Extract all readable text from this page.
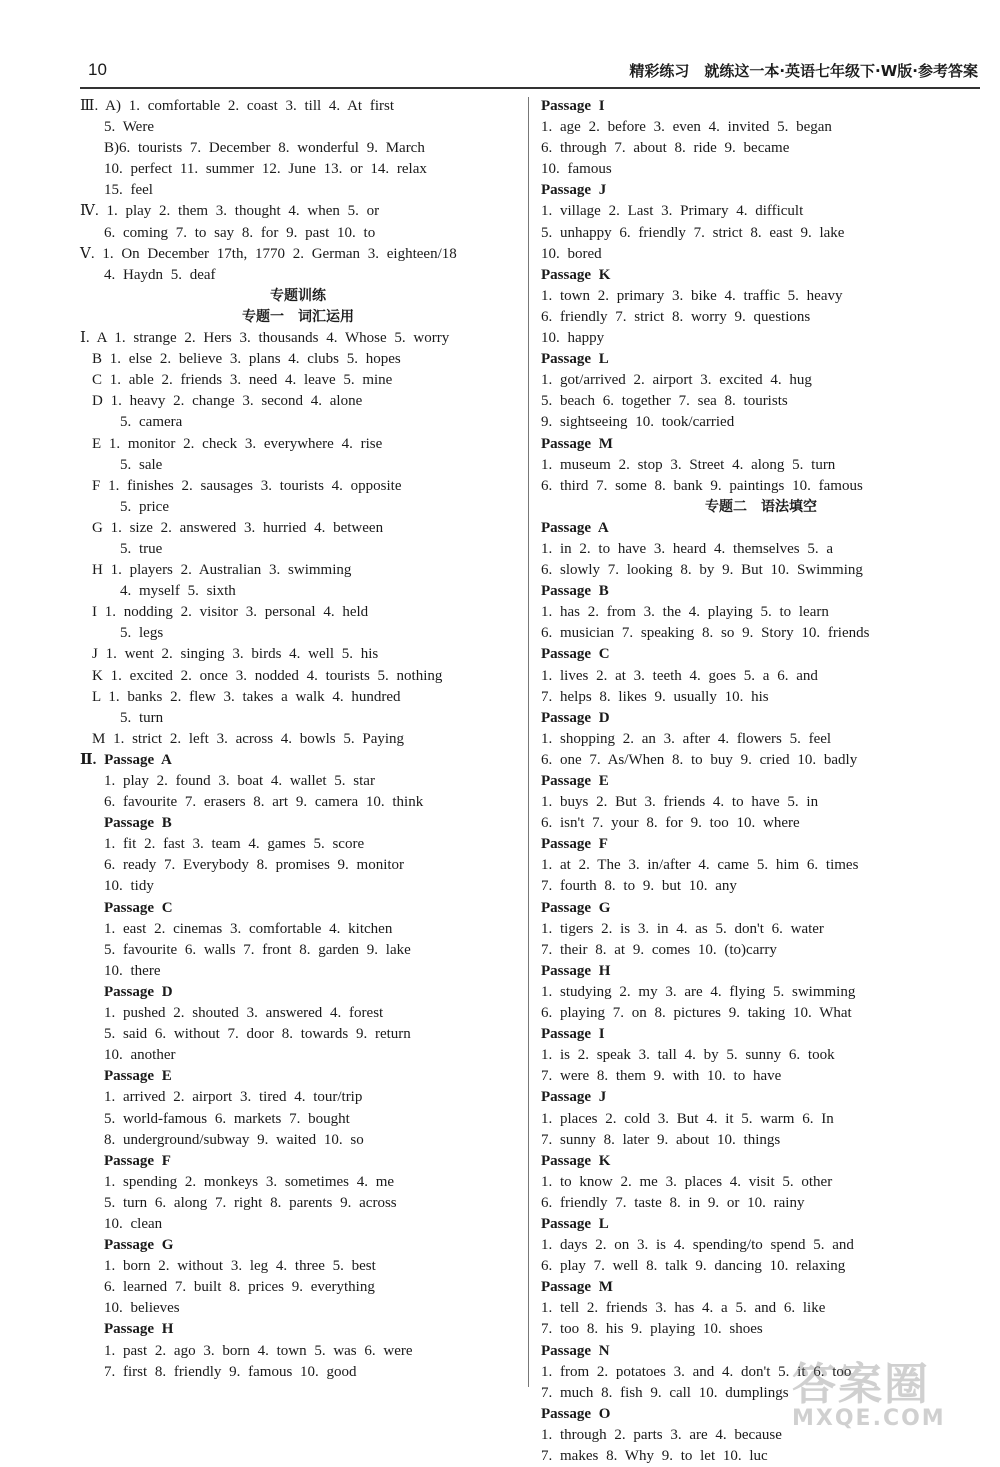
10	精彩练习　就练这一本·英语七年级下·W版·参考答案
Ⅲ. A) 1. comfortable 2. coast 3. till 4. At first
5. Were
B)6. tourists 7. December 8. wonderful 9. March
10. perfect 11. summer 12. June 13. or 14. relax
15. feel
Ⅳ. 1. play 2. them 3. thought 4. when 5. or
6. coming 7. to say 8. for 9. past 10. to
Ⅴ. 1. On December 17th, 1770 2. German 3. eighteen/18
4. Haydn 5. deaf
专题训练
专题一　词汇运用
Ⅰ. A 1. strange 2. Hers 3. thousands 4. Whose 5. worry
B 1. else 2. believe 3. plans 4. clubs 5. hopes
C 1. able 2. friends 3. need 4. leave 5. mine
D 1. heavy 2. change 3. second 4. alone
5. camera
E 1. monitor 2. check 3. everywhere 4. rise
5. sale
F 1. finishes 2. sausages 3. tourists 4. opposite
5. price
G 1. size 2. answered 3. hurried 4. between
5. true
H 1. players 2. Australian 3. swimming
4. myself 5. sixth
I 1. nodding 2. visitor 3. personal 4. held
5. legs
J 1. went 2. singing 3. birds 4. well 5. his
K 1. excited 2. once 3. nodded 4. tourists 5. nothing
L 1. banks 2. flew 3. takes a walk 4. hundred
5. turn
M 1. strict 2. left 3. across 4. bowls 5. Paying
Ⅱ. Passage A
1. play 2. found 3. boat 4. wallet 5. star
6. favourite 7. erasers 8. art 9. camera 10. think
Passage B
1. fit 2. fast 3. team 4. games 5. score
6. ready 7. Everybody 8. promises 9. monitor
10. tidy
Passage C
1. east 2. cinemas 3. comfortable 4. kitchen
5. favourite 6. walls 7. front 8. garden 9. lake
10. there
Passage D
1. pushed 2. shouted 3. answered 4. forest
5. said 6. without 7. door 8. towards 9. return
10. another
Passage E
1. arrived 2. airport 3. tired 4. tour/trip
5. world-famous 6. markets 7. bought
8. underground/subway 9. waited 10. so
Passage F
1. spending 2. monkeys 3. sometimes 4. me
5. turn 6. along 7. right 8. parents 9. across
10. clean
Passage G
1. born 2. without 3. leg 4. three 5. best
6. learned 7. built 8. prices 9. everything
10. believes
Passage H
1. past 2. ago 3. born 4. town 5. was 6. were
7. first 8. friendly 9. famous 10. good
Passage I
1. age 2. before 3. even 4. invited 5. began
6. through 7. about 8. ride 9. became
10. famous
Passage J
1. village 2. Last 3. Primary 4. difficult
5. unhappy 6. friendly 7. strict 8. east 9. lake
10. bored
Passage K
1. town 2. primary 3. bike 4. traffic 5. heavy
6. friendly 7. strict 8. worry 9. questions
10. happy
Passage L
1. got/arrived 2. airport 3. excited 4. hug
5. beach 6. together 7. sea 8. tourists
9. sightseeing 10. took/carried
Passage M
1. museum 2. stop 3. Street 4. along 5. turn
6. third 7. some 8. bank 9. paintings 10. famous
专题二　语法填空
Passage A
1. in 2. to have 3. heard 4. themselves 5. a
6. slowly 7. looking 8. by 9. But 10. Swimming
Passage B
1. has 2. from 3. the 4. playing 5. to learn
6. musician 7. speaking 8. so 9. Story 10. friends
Passage C
1. lives 2. at 3. teeth 4. goes 5. a 6. and
7. helps 8. likes 9. usually 10. his
Passage D
1. shopping 2. an 3. after 4. flowers 5. feel
6. one 7. As/When 8. to buy 9. cried 10. badly
Passage E
1. buys 2. But 3. friends 4. to have 5. in
6. isn't 7. your 8. for 9. too 10. where
Passage F
1. at 2. The 3. in/after 4. came 5. him 6. times
7. fourth 8. to 9. but 10. any
Passage G
1. tigers 2. is 3. in 4. as 5. don't 6. water
7. their 8. at 9. comes 10. (to)carry
Passage H
1. studying 2. my 3. are 4. flying 5. swimming
6. playing 7. on 8. pictures 9. taking 10. What
Passage I
1. is 2. speak 3. tall 4. by 5. sunny 6. took
7. were 8. them 9. with 10. to have
Passage J
1. places 2. cold 3. But 4. it 5. warm 6. In
7. sunny 8. later 9. about 10. things
Passage K
1. to know 2. me 3. places 4. visit 5. other
6. friendly 7. taste 8. in 9. or 10. rainy
Passage L
1. days 2. on 3. is 4. spending/to spend 5. and
6. play 7. well 8. talk 9. dancing 10. relaxing
Passage M
1. tell 2. friends 3. has 4. a 5. and 6. like
7. too 8. his 9. playing 10. shoes
Passage N
1. from 2. potatoes 3. and 4. don't 5. it 6. too
7. much 8. fish 9. call 10. dumplings
Passage O
1. through 2. parts 3. are 4. because
7. makes 8. Why 9. to let 10. luc
答案圈
MXQE.COM
